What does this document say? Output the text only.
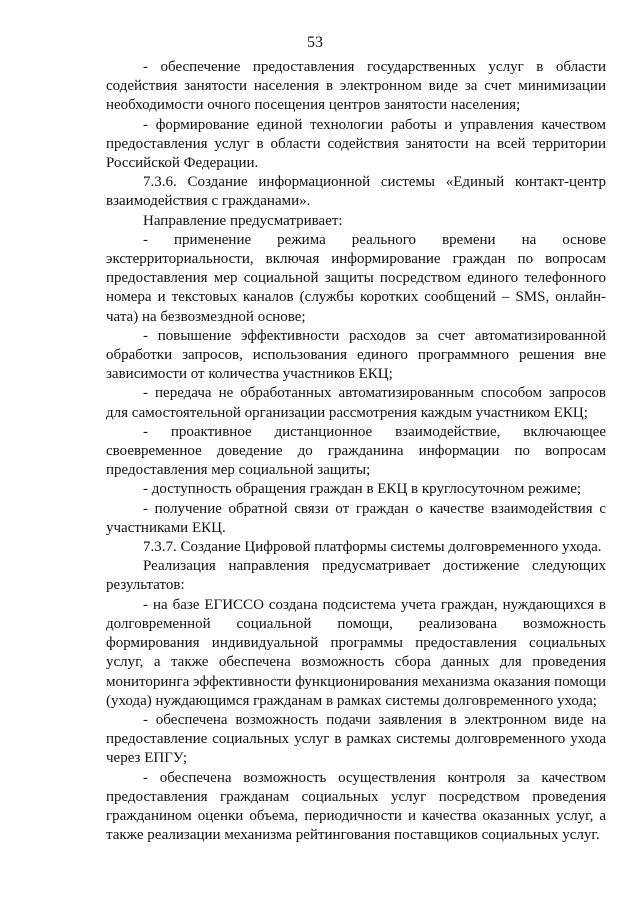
53

- обеспечение предоставления государственных услуг в области содействия занятости населения в электронном виде за счет минимизации необходимости очного посещения центров занятости населения;

- формирование единой технологии работы и управления качеством предоставления услуг в области содействия занятости на всей территории Российской Федерации.

7.3.6. Создание информационной системы «Единый контакт-центр взаимодействия с гражданами».

Направление предусматривает:

- применение режима реального времени на основе экстерриториальности, включая информирование граждан по вопросам предоставления мер социальной защиты посредством единого телефонного номера и текстовых каналов (службы коротких сообщений – SMS, онлайн-чата) на безвозмездной основе;

- повышение эффективности расходов за счет автоматизированной обработки запросов, использования единого программного решения вне зависимости от количества участников ЕКЦ;

- передача не обработанных автоматизированным способом запросов для самостоятельной организации рассмотрения каждым участником ЕКЦ;

- проактивное дистанционное взаимодействие, включающее своевременное доведение до гражданина информации по вопросам предоставления мер социальной защиты;

- доступность обращения граждан в ЕКЦ в круглосуточном режиме;

- получение обратной связи от граждан о качестве взаимодействия с участниками ЕКЦ.

7.3.7. Создание Цифровой платформы системы долговременного ухода.

Реализация направления предусматривает достижение следующих результатов:

- на базе ЕГИССО создана подсистема учета граждан, нуждающихся в долговременной социальной помощи, реализована возможность формирования индивидуальной программы предоставления социальных услуг, а также обеспечена возможность сбора данных для проведения мониторинга эффективности функционирования механизма оказания помощи (ухода) нуждающимся гражданам в рамках системы долговременного ухода;

- обеспечена возможность подачи заявления в электронном виде на предоставление социальных услуг в рамках системы долговременного ухода через ЕПГУ;

- обеспечена возможность осуществления контроля за качеством предоставления гражданам социальных услуг посредством проведения гражданином оценки объема, периодичности и качества оказанных услуг, а также реализации механизма рейтингования поставщиков социальных услуг.
